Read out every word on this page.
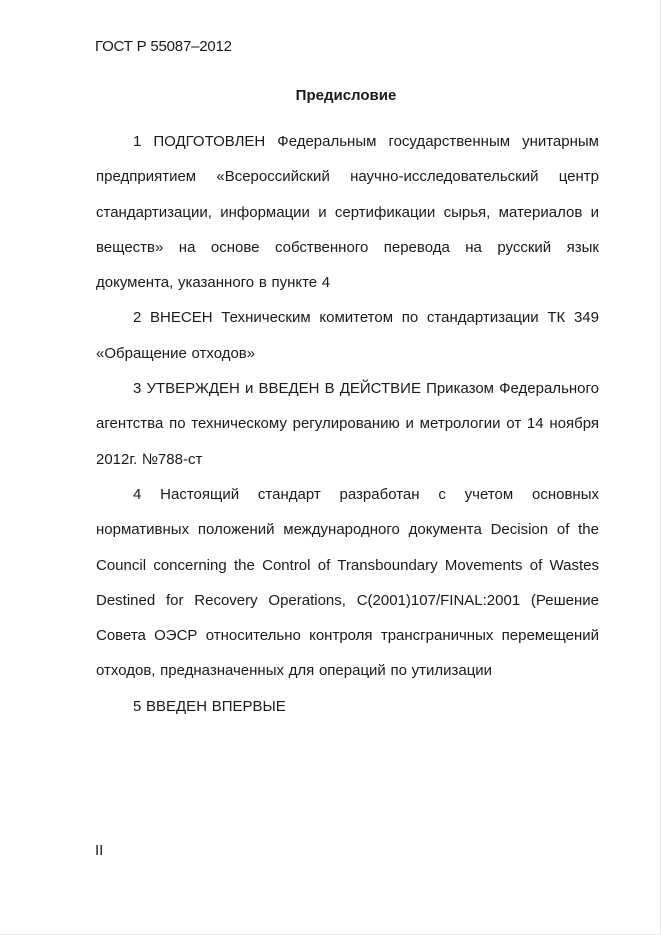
ГОСТ Р 55087–2012

Предисловие

1 ПОДГОТОВЛЕН Федеральным государственным унитарным предприятием «Всероссийский научно-исследовательский центр стандартизации, информации и сертификации сырья, материалов и веществ» на основе собственного перевода на русский язык документа, указанного в пункте 4

2 ВНЕСЕН Техническим комитетом по стандартизации ТК 349 «Обращение отходов»

3 УТВЕРЖДЕН и ВВЕДЕН В ДЕЙСТВИЕ Приказом Федерального агентства по техническому регулированию и метрологии от 14 ноября 2012г. №788-ст

4 Настоящий стандарт разработан с учетом основных нормативных положений международного документа Decision of the Council concerning the Control of Transboundary Movements of Wastes Destined for Recovery Operations, C(2001)107/FINAL:2001 (Решение Совета ОЭСР относительно контроля трансграничных перемещений отходов, предназначенных для операций по утилизации

5 ВВЕДЕН ВПЕРВЫЕ

II
